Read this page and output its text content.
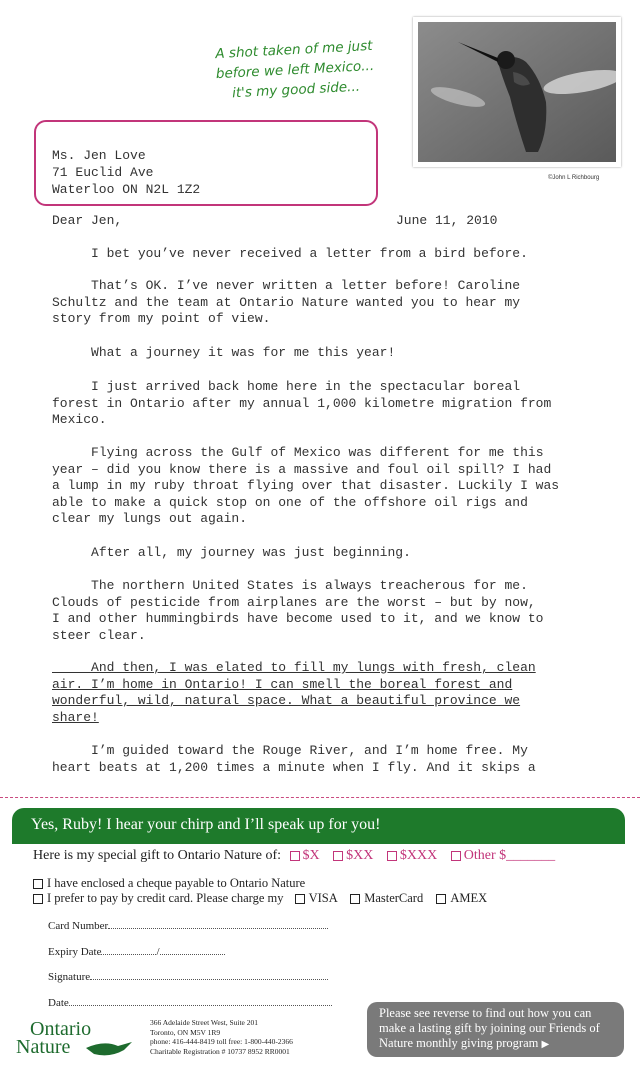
A shot taken of me just
before we left Mexico...
it's my good side...
©John L Richbourg
Ms. Jen Love
71 Euclid Ave
Waterloo ON N2L 1Z2
Dear Jen,	June 11, 2010
I bet you’ve never received a letter from a bird before.
That’s OK. I’ve never written a letter before! Caroline
Schultz and the team at Ontario Nature wanted you to hear my
story from my point of view.
What a journey it was for me this year!
I just arrived back home here in the spectacular boreal
forest in Ontario after my annual 1,000 kilometre migration from
Mexico.
Flying across the Gulf of Mexico was different for me this
year – did you know there is a massive and foul oil spill? I had
a lump in my ruby throat flying over that disaster. Luckily I was
able to make a quick stop on one of the offshore oil rigs and
clear my lungs out again.
After all, my journey was just beginning.
The northern United States is always treacherous for me.
Clouds of pesticide from airplanes are the worst – but by now,
I and other hummingbirds have become used to it, and we know to
steer clear.
And then, I was elated to fill my lungs with fresh, clean
air. I’m home in Ontario! I can smell the boreal forest and
wonderful, wild, natural space. What a beautiful province we
share!
I’m guided toward the Rouge River, and I’m home free. My
heart beats at 1,200 times a minute when I fly. And it skips a
Yes, Ruby! I hear your chirp and I’ll speak up for you!
Here is my special gift to Ontario Nature of: $X $XX $XXX Other $_______
I have enclosed a cheque payable to Ontario Nature
I prefer to pay by credit card. Please charge my VISA MasterCard AMEX
Card Number
Expiry Date	/
Signature
Date
Ontario
Nature
366 Adelaide Street West, Suite 201
Toronto, ON M5V 1R9
phone: 416-444-8419 toll free: 1-800-440-2366
Charitable Registration # 10737 8952 RR0001
Please see reverse to find out how you can make a lasting gift by joining our Friends of Nature monthly giving program ▶
